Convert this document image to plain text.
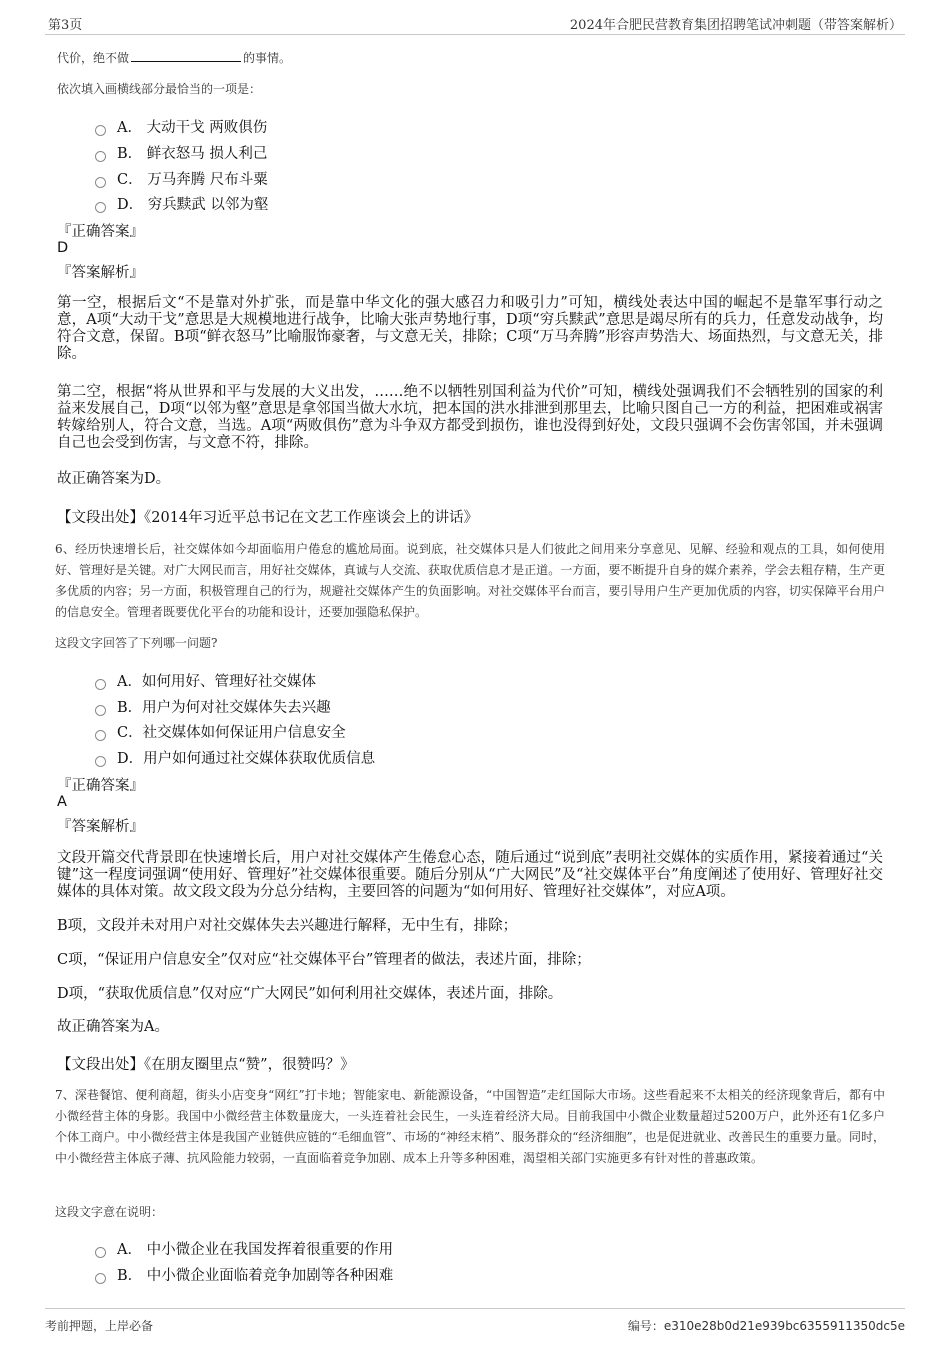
第3页	2024年合肥民营教育集团招聘笔试冲刺题（带答案解析）
代价，绝不做	的事情。
依次填入画横线部分最恰当的一项是：
A． 大动干戈 两败俱伤
B． 鲜衣怒马 损人利己
C． 万马奔腾 尺布斗粟
D． 穷兵黩武 以邻为壑
『正确答案』
D
『答案解析』
第一空，根据后文“不是靠对外扩张，而是靠中华文化的强大感召力和吸引力”可知，横线处表达中国的崛起不是靠军事行动之意，A项“大动干戈”意思是大规模地进行战争，比喻大张声势地行事，D项“穷兵黩武”意思是竭尽所有的兵力，任意发动战争，均符合文意，保留。B项“鲜衣怒马”比喻服饰豪奢，与文意无关，排除；C项“万马奔腾”形容声势浩大、场面热烈，与文意无关，排除。
第二空，根据“将从世界和平与发展的大义出发，……绝不以牺牲别国利益为代价”可知，横线处强调我们不会牺牲别的国家的利益来发展自己，D项“以邻为壑”意思是拿邻国当做大水坑，把本国的洪水排泄到那里去，比喻只图自己一方的利益，把困难或祸害转嫁给别人，符合文意，当选。A项“两败俱伤”意为斗争双方都受到损伤，谁也没得到好处，文段只强调不会伤害邻国，并未强调自己也会受到伤害，与文意不符，排除。
故正确答案为D。
【文段出处】《2014年习近平总书记在文艺工作座谈会上的讲话》
6、经历快速增长后，社交媒体如今却面临用户倦怠的尴尬局面。说到底，社交媒体只是人们彼此之间用来分享意见、见解、经验和观点的工具，如何使用好、管理好是关键。对广大网民而言，用好社交媒体，真诚与人交流、获取优质信息才是正道。一方面，要不断提升自身的媒介素养，学会去粗存精，生产更多优质的内容；另一方面，积极管理自己的行为，规避社交媒体产生的负面影响。对社交媒体平台而言，要引导用户生产更加优质的内容，切实保障平台用户的信息安全。管理者既要优化平台的功能和设计，还要加强隐私保护。
这段文字回答了下列哪一问题?
A．如何用好、管理好社交媒体
B．用户为何对社交媒体失去兴趣
C．社交媒体如何保证用户信息安全
D．用户如何通过社交媒体获取优质信息
『正确答案』
A
『答案解析』
文段开篇交代背景即在快速增长后，用户对社交媒体产生倦怠心态，随后通过“说到底”表明社交媒体的实质作用，紧接着通过“关键”这一程度词强调“使用好、管理好”社交媒体很重要。随后分别从“广大网民”及“社交媒体平台”角度阐述了使用好、管理好社交媒体的具体对策。故文段文段为分总分结构，主要回答的问题为“如何用好、管理好社交媒体”，对应A项。
B项，文段并未对用户对社交媒体失去兴趣进行解释，无中生有，排除；
C项，“保证用户信息安全”仅对应“社交媒体平台”管理者的做法，表述片面，排除；
D项，“获取优质信息”仅对应“广大网民”如何利用社交媒体，表述片面，排除。
故正确答案为A。
【文段出处】《在朋友圈里点“赞”，很赞吗？》
7、深巷餐馆、便利商超，街头小店变身“网红”打卡地；智能家电、新能源设备，“中国智造”走红国际大市场。这些看起来不太相关的经济现象背后，都有中小微经营主体的身影。我国中小微经营主体数量庞大，一头连着社会民生，一头连着经济大局。目前我国中小微企业数量超过5200万户，此外还有1亿多户个体工商户。中小微经营主体是我国产业链供应链的“毛细血管”、市场的“神经末梢”、服务群众的“经济细胞”，也是促进就业、改善民生的重要力量。同时，中小微经营主体底子薄、抗风险能力较弱，一直面临着竞争加剧、成本上升等多种困难，渴望相关部门实施更多有针对性的普惠政策。
这段文字意在说明：
A． 中小微企业在我国发挥着很重要的作用
B． 中小微企业面临着竞争加剧等各种困难
考前押题，上岸必备	编号：e310e28b0d21e939bc6355911350dc5e
